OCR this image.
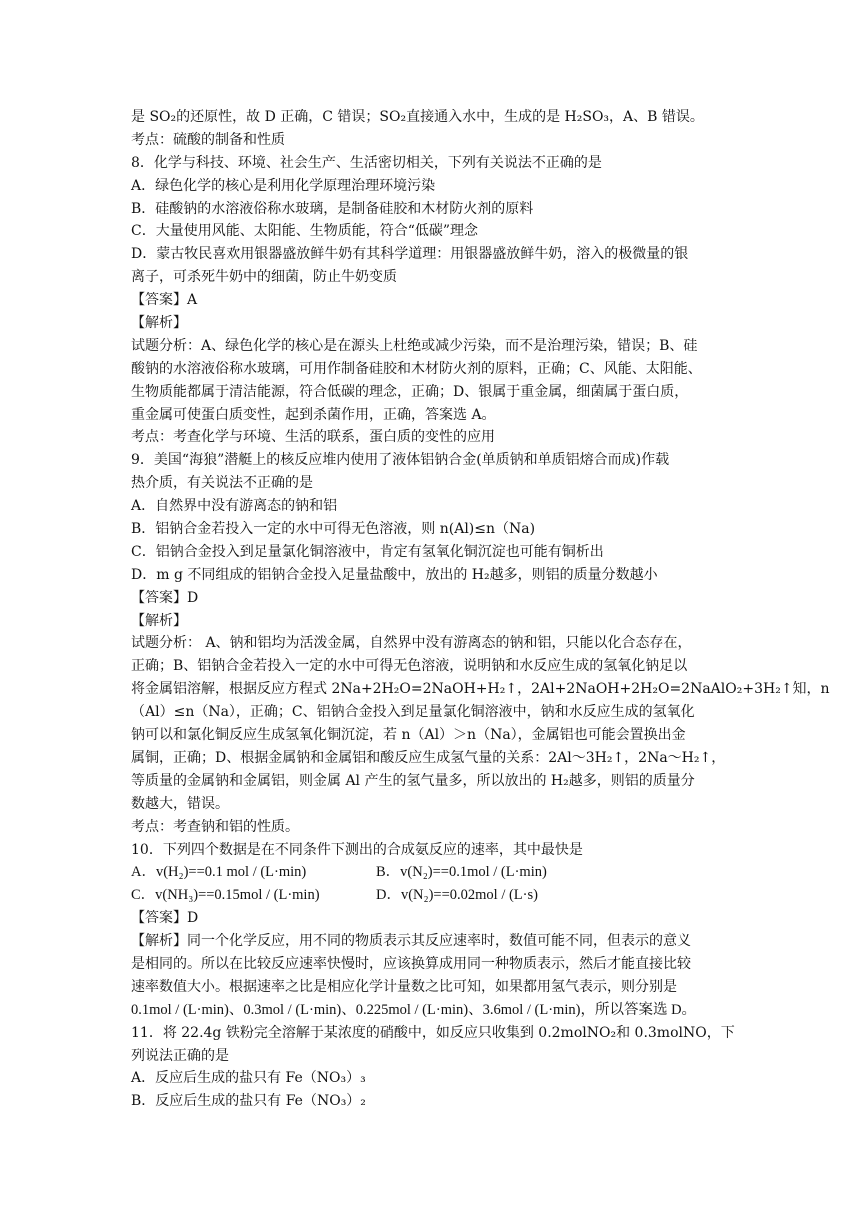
是 SO₂的还原性，故 D 正确，C 错误；SO₂直接通入水中，生成的是 H₂SO₃，A、B 错误。
考点：硫酸的制备和性质
8．化学与科技、环境、社会生产、生活密切相关，下列有关说法不正确的是
A．绿色化学的核心是利用化学原理治理环境污染
B．硅酸钠的水溶液俗称水玻璃，是制备硅胶和木材防火剂的原料
C．大量使用风能、太阳能、生物质能，符合“低碳”理念
D．蒙古牧民喜欢用银器盛放鲜牛奶有其科学道理：用银器盛放鲜牛奶，溶入的极微量的银
离子，可杀死牛奶中的细菌，防止牛奶变质
【答案】A
【解析】
试题分析：A、绿色化学的核心是在源头上杜绝或减少污染，而不是治理污染，错误；B、硅
酸钠的水溶液俗称水玻璃，可用作制备硅胶和木材防火剂的原料，正确；C、风能、太阳能、
生物质能都属于清洁能源，符合低碳的理念，正确；D、银属于重金属，细菌属于蛋白质，
重金属可使蛋白质变性，起到杀菌作用，正确，答案选 A。
考点：考查化学与环境、生活的联系，蛋白质的变性的应用
9．美国“海狼”潜艇上的核反应堆内使用了液体铝钠合金(单质钠和单质铝熔合而成)作载
热介质，有关说法不正确的是
A．自然界中没有游离态的钠和铝
B．铝钠合金若投入一定的水中可得无色溶液，则 n(Al)≤n（Na)
C．铝钠合金投入到足量氯化铜溶液中，肯定有氢氧化铜沉淀也可能有铜析出
D．m g 不同组成的铝钠合金投入足量盐酸中，放出的 H₂越多，则铝的质量分数越小
【答案】D
【解析】
试题分析： A、钠和铝均为活泼金属，自然界中没有游离态的钠和铝，只能以化合态存在，
正确；B、铝钠合金若投入一定的水中可得无色溶液，说明钠和水反应生成的氢氧化钠足以
将金属铝溶解，根据反应方程式 2Na+2H₂O=2NaOH+H₂↑，2Al+2NaOH+2H₂O=2NaAlO₂+3H₂↑知，n
（Al）≤n（Na），正确；C、铝钠合金投入到足量氯化铜溶液中，钠和水反应生成的氢氧化
钠可以和氯化铜反应生成氢氧化铜沉淀，若 n（Al）＞n（Na），金属铝也可能会置换出金
属铜，正确；D、根据金属钠和金属铝和酸反应生成氢气量的关系：2Al～3H₂↑，2Na～H₂↑，
等质量的金属钠和金属铝，则金属 Al 产生的氢气量多，所以放出的 H₂越多，则铝的质量分
数越大，错误。
考点：考查钠和铝的性质。
10．下列四个数据是在不同条件下测出的合成氨反应的速率，其中最快是
A．v(H₂)==0.1 mol / (L·min)	B．v(N₂)==0.1mol / (L·min)
C．v(NH₃)==0.15mol / (L·min)	D．v(N₂)==0.02mol / (L·s)
【答案】D
【解析】同一个化学反应，用不同的物质表示其反应速率时，数值可能不同，但表示的意义
是相同的。所以在比较反应速率快慢时，应该换算成用同一种物质表示，然后才能直接比较
速率数值大小。根据速率之比是相应化学计量数之比可知，如果都用氢气表示，则分别是
0.1mol / (L·min)、0.3mol / (L·min)、0.225mol / (L·min)、3.6mol / (L·min)，所以答案选 D。
11．将 22.4g 铁粉完全溶解于某浓度的硝酸中，如反应只收集到 0.2molNO₂和 0.3molNO，下
列说法正确的是
A．反应后生成的盐只有 Fe（NO₃）₃
B．反应后生成的盐只有 Fe（NO₃）₂
